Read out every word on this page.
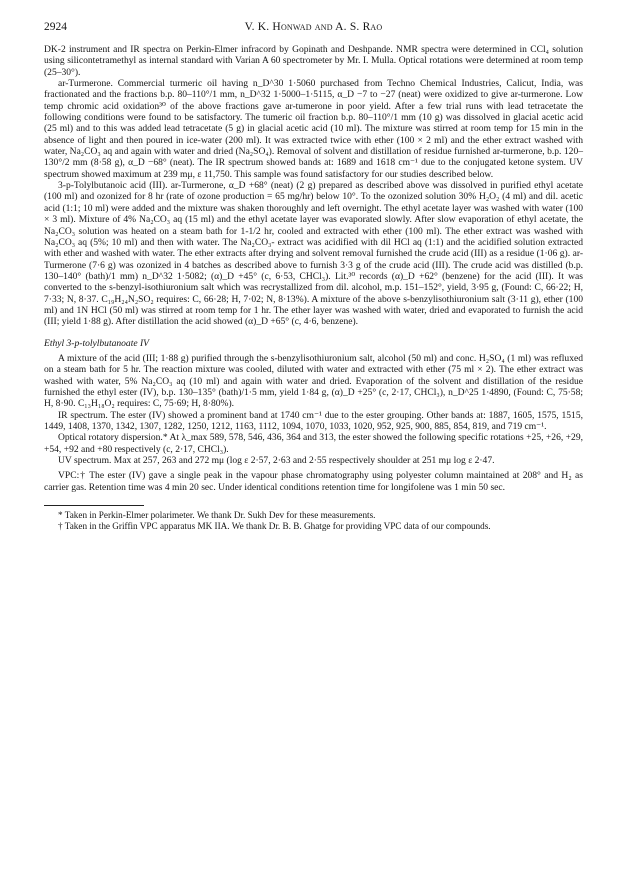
2924	V. K. Honwad and A. S. Rao

DK-2 instrument and IR spectra on Perkin-Elmer infracord by Gopinath and Deshpande. NMR spectra were determined in CCl₄ solution using silicontetramethyl as internal standard with Varian A 60 spectrometer by Mr. I. Mulla. Optical rotations were determined at room temp (25–30°).

ar-Turmerone. Commercial turmeric oil having n_D^30 1·5060 purchased from Techno Chemical Industries, Calicut, India, was fractionated and the fractions b.p. 80–110°/1 mm, n_D^32 1·5000–1·5115, α_D −7 to −27 (neat) were oxidized to give ar-turmerone. Low temp chromic acid oxidation³⁰ of the above fractions gave ar-tumerone in poor yield. After a few trial runs with lead tetracetate the following conditions were found to be satisfactory. The tumeric oil fraction b.p. 80–110°/1 mm (10 g) was dissolved in glacial acetic acid (25 ml) and to this was added lead tetracetate (5 g) in glacial acetic acid (10 ml). The mixture was stirred at room temp for 15 min in the absence of light and then poured in ice-water (200 ml). It was extracted twice with ether (100 × 2 ml) and the ether extract washed with water, Na₂CO₃ aq and again with water and dried (Na₂SO₄). Removal of solvent and distillation of residue furnished ar-turmerone, b.p. 120–130°/2 mm (8·58 g), α_D −68° (neat). The IR spectrum showed bands at: 1689 and 1618 cm⁻¹ due to the conjugated ketone system. UV spectrum showed maximum at 239 mμ, ε 11,750. This sample was found satisfactory for our studies described below.

3-p-Tolylbutanoic acid (III). ar-Turmerone, α_D +68° (neat) (2 g) prepared as described above was dissolved in purified ethyl acetate (100 ml) and ozonized for 8 hr (rate of ozone production = 65 mg/hr) below 10°. To the ozonized solution 30% H₂O₂ (4 ml) and dil. acetic acid (1:1; 10 ml) were added and the mixture was shaken thoroughly and left overnight. The ethyl acetate layer was washed with water (100 × 3 ml). Mixture of 4% Na₂CO₃ aq (15 ml) and the ethyl acetate layer was evaporated slowly. After slow evaporation of ethyl acetate, the Na₂CO₃ solution was heated on a steam bath for 1-1/2 hr, cooled and extracted with ether (100 ml). The ether extract was washed with Na₂CO₃ aq (5%; 10 ml) and then with water. The Na₂CO₃- extract was acidified with dil HCl aq (1:1) and the acidified solution extracted with ether and washed with water. The ether extracts after drying and solvent removal furnished the crude acid (III) as a residue (1·06 g). ar-Turmerone (7·6 g) was ozonized in 4 batches as described above to furnish 3·3 g of the crude acid (III). The crude acid was distilled (b.p. 130–140° (bath)/1 mm) n_D^32 1·5082; (α)_D +45° (c, 6·53, CHCl₃). Lit.³⁰ records (α)_D +62° (benzene) for the acid (III). It was converted to the s-benzyl-isothiuronium salt which was recrystallized from dil. alcohol, m.p. 151–152°, yield, 3·95 g, (Found: C, 66·22; H, 7·33; N, 8·37. C₁₉H₂₄N₂SO₂ requires: C, 66·28; H, 7·02; N, 8·13%). A mixture of the above s-benzylisothiuronium salt (3·11 g), ether (100 ml) and 1N HCl (50 ml) was stirred at room temp for 1 hr. The ether layer was washed with water, dried and evaporated to furnish the acid (III; yield 1·88 g). After distillation the acid showed (α)_D +65° (c, 4·6, benzene).

Ethyl 3-p-tolylbutanoate IV

A mixture of the acid (III; 1·88 g) purified through the s-benzylisothiuronium salt, alcohol (50 ml) and conc. H₂SO₄ (1 ml) was refluxed on a steam bath for 5 hr. The reaction mixture was cooled, diluted with water and extracted with ether (75 ml × 2). The ether extract was washed with water, 5% Na₂CO₃ aq (10 ml) and again with water and dried. Evaporation of the solvent and distillation of the residue furnished the ethyl ester (IV), b.p. 130–135° (bath)/1·5 mm, yield 1·84 g, (α)_D +25° (c, 2·17, CHCl₃), n_D^25 1·4890, (Found: C, 75·58; H, 8·90. C₁₃H₁₈O₂ requires: C, 75·69; H, 8·80%).

IR spectrum. The ester (IV) showed a prominent band at 1740 cm⁻¹ due to the ester grouping. Other bands at: 1887, 1605, 1575, 1515, 1449, 1408, 1370, 1342, 1307, 1282, 1250, 1212, 1163, 1112, 1094, 1070, 1033, 1020, 952, 925, 900, 885, 854, 819, and 719 cm⁻¹.

Optical rotatory dispersion.* At λ_max 589, 578, 546, 436, 364 and 313, the ester showed the following specific rotations +25, +26, +29, +54, +92 and +80 respectively (c, 2·17, CHCl₃).

UV spectrum. Max at 257, 263 and 272 mμ (log ε 2·57, 2·63 and 2·55 respectively shoulder at 251 mμ log ε 2·47.

VPC:† The ester (IV) gave a single peak in the vapour phase chromatography using polyester column maintained at 208° and H₂ as carrier gas. Retention time was 4 min 20 sec. Under identical conditions retention time for longifolene was 1 min 50 sec.

* Taken in Perkin-Elmer polarimeter. We thank Dr. Sukh Dev for these measurements.

† Taken in the Griffin VPC apparatus MK IIA. We thank Dr. B. B. Ghatge for providing VPC data of our compounds.
